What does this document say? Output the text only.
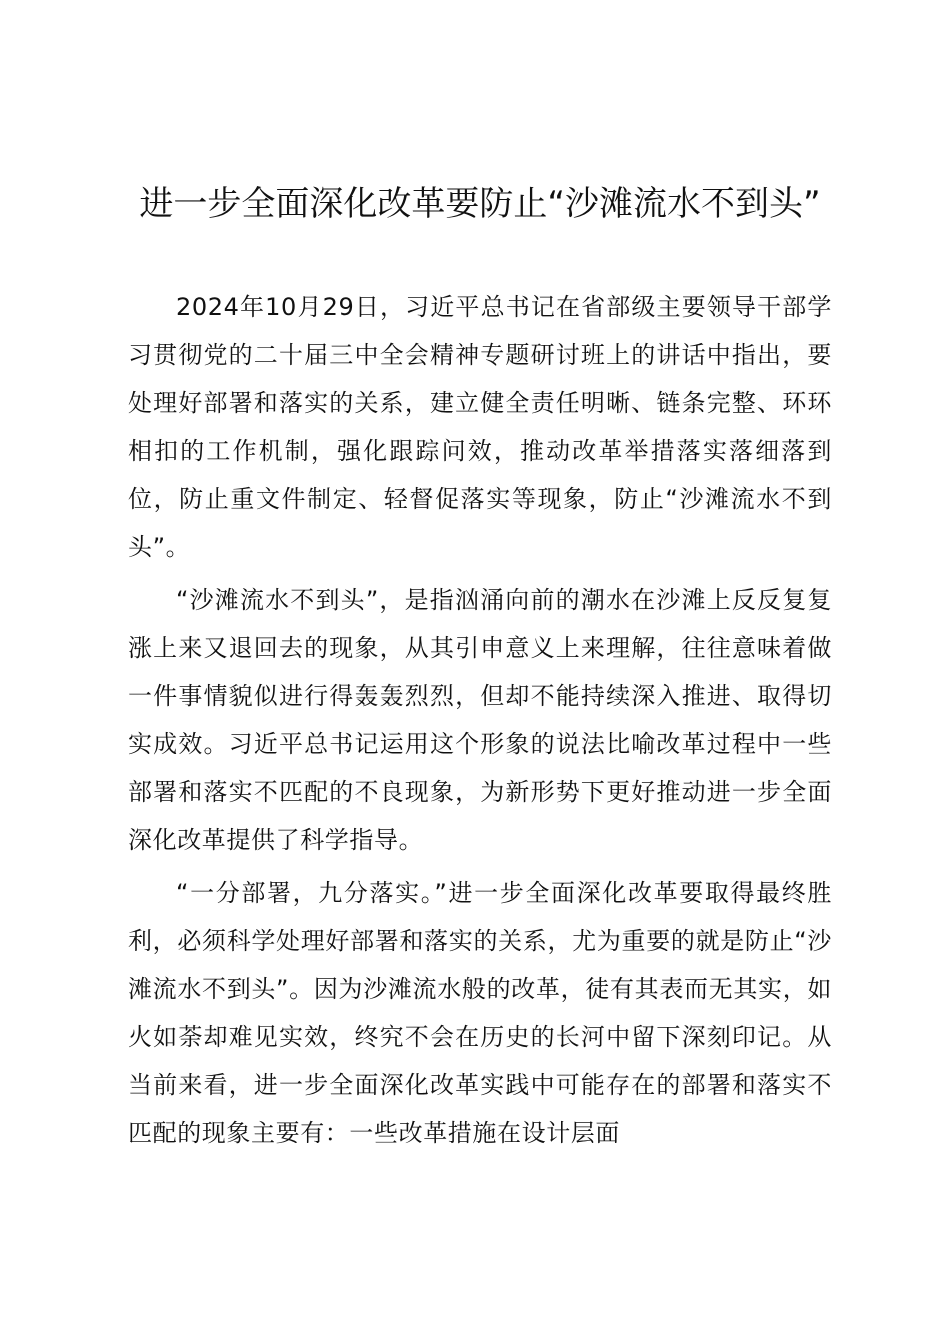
进一步全面深化改革要防止“沙滩流水不到头”

2024年10月29日，习近平总书记在省部级主要领导干部学习贯彻党的二十届三中全会精神专题研讨班上的讲话中指出，要处理好部署和落实的关系，建立健全责任明晰、链条完整、环环相扣的工作机制，强化跟踪问效，推动改革举措落实落细落到位，防止重文件制定、轻督促落实等现象，防止“沙滩流水不到头”。

“沙滩流水不到头”，是指汹涌向前的潮水在沙滩上反反复复涨上来又退回去的现象，从其引申意义上来理解，往往意味着做一件事情貌似进行得轰轰烈烈，但却不能持续深入推进、取得切实成效。习近平总书记运用这个形象的说法比喻改革过程中一些部署和落实不匹配的不良现象，为新形势下更好推动进一步全面深化改革提供了科学指导。

“一分部署，九分落实。”进一步全面深化改革要取得最终胜利，必须科学处理好部署和落实的关系，尤为重要的就是防止“沙滩流水不到头”。因为沙滩流水般的改革，徒有其表而无其实，如火如荼却难见实效，终究不会在历史的长河中留下深刻印记。从当前来看，进一步全面深化改革实践中可能存在的部署和落实不匹配的现象主要有：一些改革措施在设计层面
